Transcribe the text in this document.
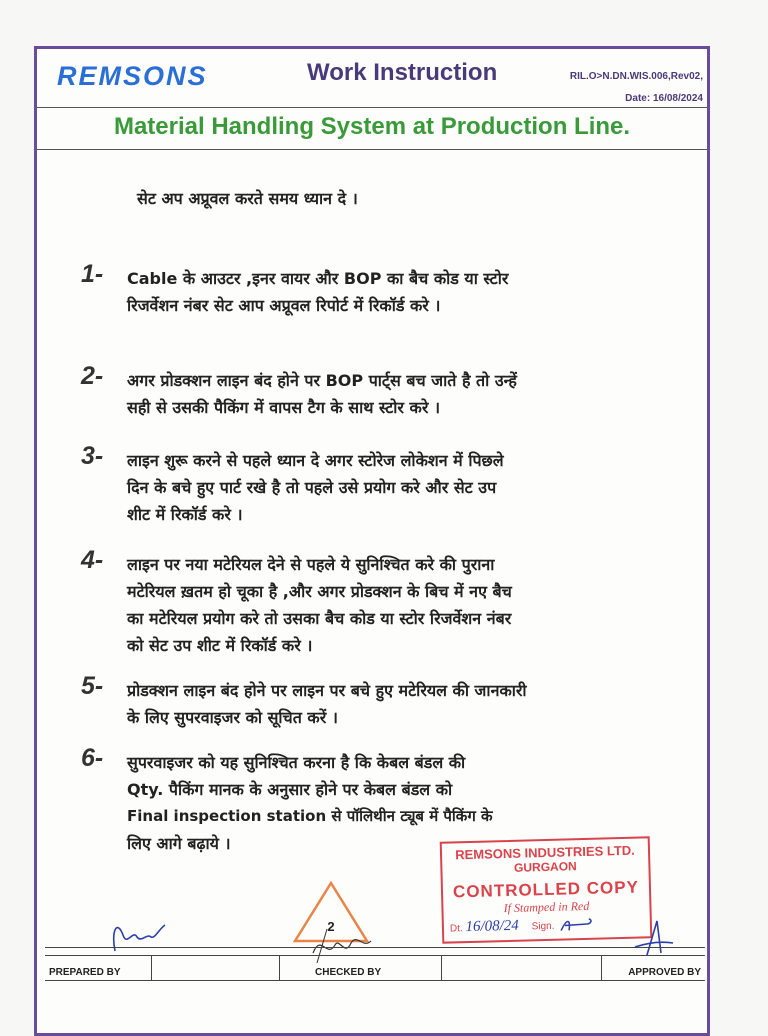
REMSONS	Work Instruction	RIL.O>N.DN.WIS.006,Rev02,
Date: 16/08/2024
Material Handling System at Production Line.
सेट अप अप्रूवल करते समय ध्यान दे ।
1- Cable के आउटर ,इनर वायर और BOP का बैच कोड या स्टोर
रिजर्वेशन नंबर सेट आप अप्रूवल रिपोर्ट में रिकॉर्ड करे ।
2- अगर प्रोडक्शन लाइन बंद होने पर BOP पार्ट्स बच जाते है तो उन्हें
सही से उसकी पैकिंग में वापस टैग के साथ स्टोर करे ।
3- लाइन शुरू करने से पहले ध्यान दे अगर स्टोरेज लोकेशन में पिछले
दिन के बचे हुए पार्ट रखे है तो पहले उसे प्रयोग करे और सेट उप
शीट में रिकॉर्ड करे ।
4- लाइन पर नया मटेरियल देने से पहले ये सुनिश्चित करे की पुराना
मटेरियल ख़तम हो चूका है ,और अगर प्रोडक्शन के बिच में नए बैच
का मटेरियल प्रयोग करे तो उसका बैच कोड या स्टोर रिजर्वेशन नंबर
को सेट उप शीट में रिकॉर्ड करे ।
5- प्रोडक्शन लाइन बंद होने पर लाइन पर बचे हुए मटेरियल की जानकारी
के लिए सुपरवाइजर को सूचित करें ।
6- सुपरवाइजर को यह सुनिश्चित करना है कि केबल बंडल की
Qty. पैकिंग मानक के अनुसार होने पर केबल बंडल को
Final inspection station से पॉलिथीन ट्यूब में पैकिंग के
लिए आगे बढ़ाये ।
2
REMSONS INDUSTRIES LTD.
GURGAON
CONTROLLED COPY
If Stamped in Red
Dt. 16/08/24 Sign.
PREPARED BY	CHECKED BY	APPROVED BY
